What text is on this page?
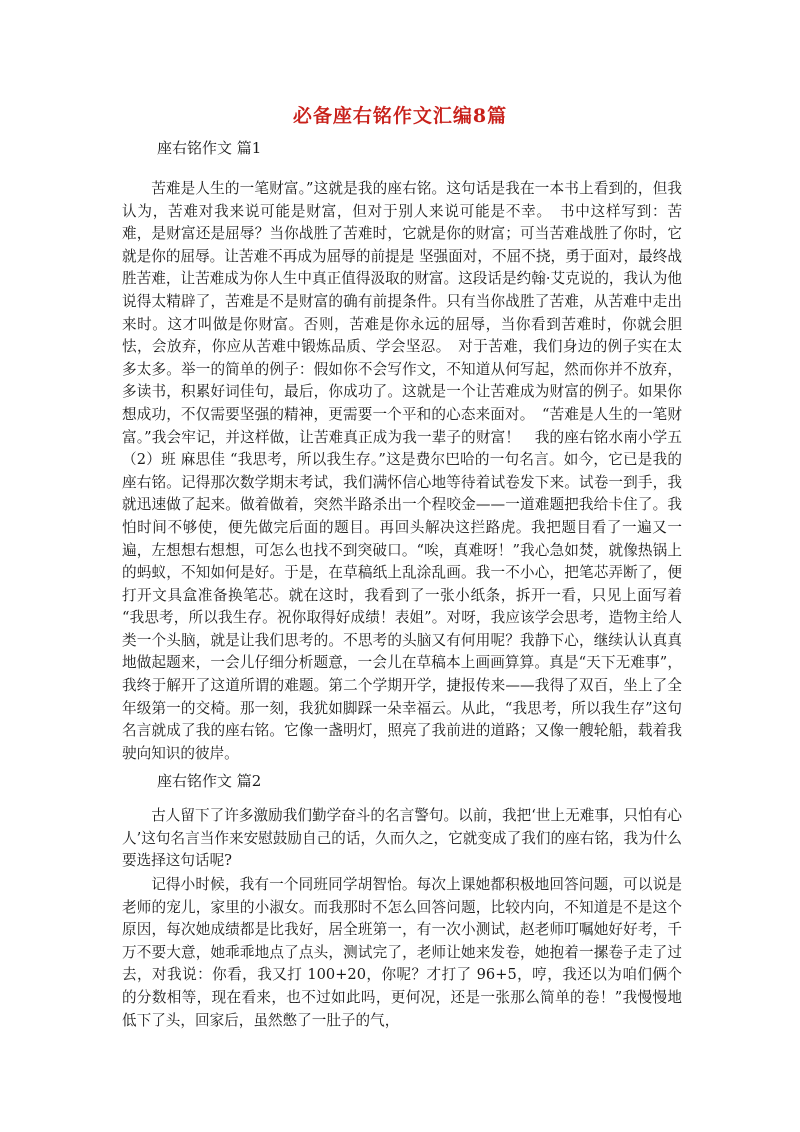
必备座右铭作文汇编8篇
座右铭作文 篇1

苦难是人生的一笔财富。”这就是我的座右铭。这句话是我在一本书上看到的，但我认为，苦难对我来说可能是财富，但对于别人来说可能是不幸。　书中这样写到：苦难，是财富还是屈辱？当你战胜了苦难时，它就是你的财富；可当苦难战胜了你时，它就是你的屈辱。让苦难不再成为屈辱的前提是 坚强面对，不屈不挠，勇于面对，最终战胜苦难，让苦难成为你人生中真正值得汲取的财富。这段话是约翰·艾克说的，我认为他说得太精辟了，苦难是不是财富的确有前提条件。只有当你战胜了苦难，从苦难中走出来时。这才叫做是你财富。否则，苦难是你永远的屈辱，当你看到苦难时，你就会胆怯，会放弃，你应从苦难中锻炼品质、学会坚忍。　对于苦难，我们身边的例子实在太多太多。举一的简单的例子：假如你不会写作文，不知道从何写起，然而你并不放弃，多读书，积累好词佳句，最后，你成功了。这就是一个让苦难成为财富的例子。如果你想成功，不仅需要坚强的精神，更需要一个平和的心态来面对。　“苦难是人生的一笔财富。”我会牢记，并这样做，让苦难真正成为我一辈子的财富！　我的座右铭水南小学五（2）班 麻思佳 “我思考，所以我生存。”这是费尔巴哈的一句名言。如今，它已是我的座右铭。记得那次数学期末考试，我们满怀信心地等待着试卷发下来。试卷一到手，我就迅速做了起来。做着做着，突然半路杀出一个程咬金——一道难题把我给卡住了。我怕时间不够使，便先做完后面的题目。再回头解决这拦路虎。我把题目看了一遍又一遍，左想想右想想，可怎么也找不到突破口。“唉，真难呀！”我心急如焚，就像热锅上的蚂蚁，不知如何是好。于是，在草稿纸上乱涂乱画。我一不小心，把笔芯弄断了，便打开文具盒准备换笔芯。就在这时，我看到了一张小纸条，拆开一看，只见上面写着 “我思考，所以我生存。祝你取得好成绩！表姐”。对呀，我应该学会思考，造物主给人类一个头脑，就是让我们思考的。不思考的头脑又有何用呢？我静下心，继续认认真真地做起题来，一会儿仔细分析题意，一会儿在草稿本上画画算算。真是“天下无难事”，我终于解开了这道所谓的难题。第二个学期开学，捷报传来——我得了双百，坐上了全年级第一的交椅。那一刻，我犹如脚踩一朵幸福云。从此，“我思考，所以我生存”这句名言就成了我的座右铭。它像一盏明灯，照亮了我前进的道路；又像一艘轮船，载着我驶向知识的彼岸。

座右铭作文 篇2

古人留下了许多激励我们勤学奋斗的名言警句。以前，我把‘世上无难事，只怕有心人’这句名言当作来安慰鼓励自己的话，久而久之，它就变成了我们的座右铭，我为什么要选择这句话呢?

记得小时候，我有一个同班同学胡智怡。每次上课她都积极地回答问题，可以说是老师的宠儿，家里的小淑女。而我那时不怎么回答问题，比较内向，不知道是不是这个原因，每次她成绩都是比我好，居全班第一，有一次小测试，赵老师叮嘱她好好考，千万不要大意，她乖乖地点了点头，测试完了，老师让她来发卷，她抱着一摞卷子走了过去，对我说：你看，我又打 100+20，你呢？才打了 96+5，哼，我还以为咱们俩个的分数相等，现在看来，也不过如此吗，更何况，还是一张那么简单的卷！”我慢慢地低下了头，回家后，虽然憋了一肚子的气，
